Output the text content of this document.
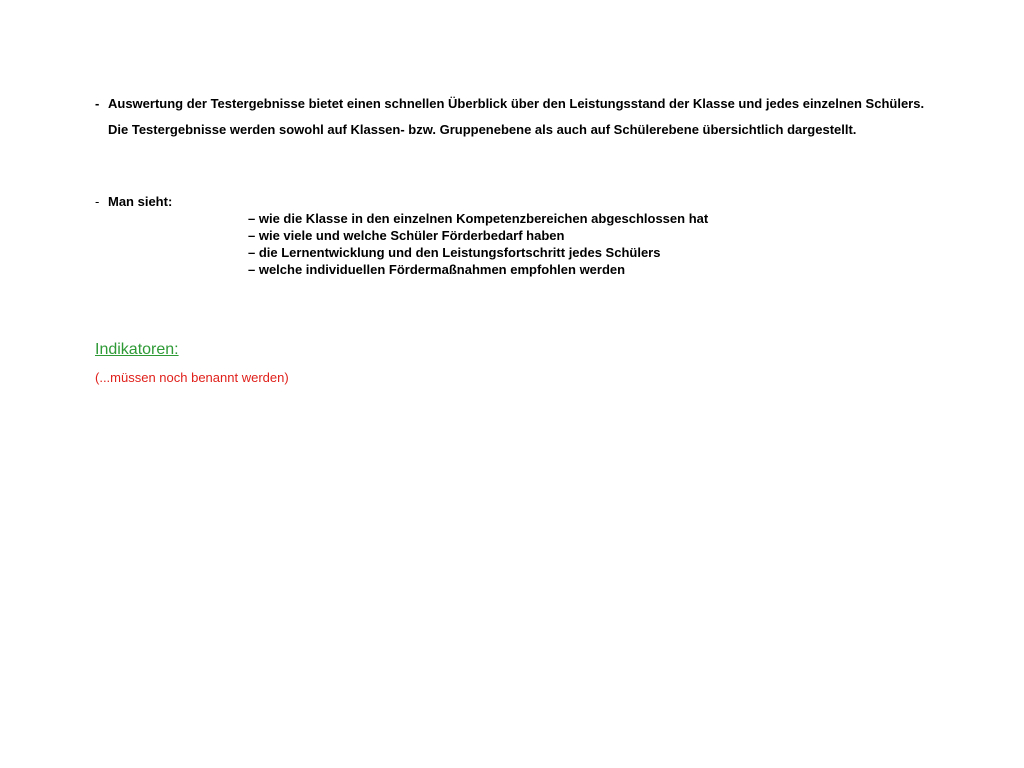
- Auswertung der Testergebnisse bietet einen schnellen Überblick über den Leistungsstand der Klasse und jedes einzelnen Schülers. Die Testergebnisse werden sowohl auf Klassen- bzw. Gruppenebene als auch auf Schülerebene übersichtlich dargestellt.
- Man sieht:
– wie die Klasse in den einzelnen Kompetenzbereichen abgeschlossen hat
– wie viele und welche Schüler Förderbedarf haben
– die Lernentwicklung und den Leistungsfortschritt jedes Schülers
– welche individuellen Fördermaßnahmen empfohlen werden
Indikatoren:
(...müssen noch benannt werden)
